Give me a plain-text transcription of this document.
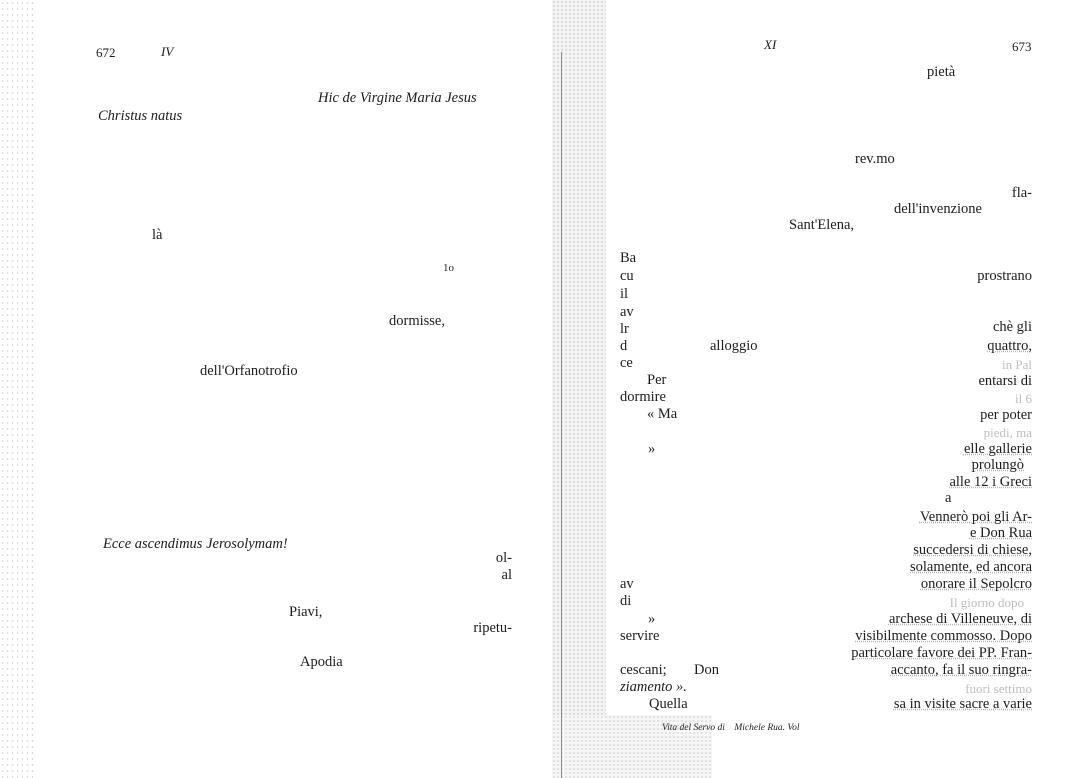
672	IV
Hic de Virgine Maria Jesus
Christus natus
là
1o
dormisse,
dell'Orfanotrofio
Ecce ascendimus Jerosolymam!
ol-
al
Piavi,
ripetu-
Apodia
XI	673
pietà
rev.mo
fla-
dell'invenzione
Sant'Elena,
Ba
cu
il
av
lr
d
ce
prostrano
chè gli
alloggio	quattro,
in Pal
Per	entarsi di
dormire	il 6
« Ma	per poter
piedi, ma
»	elle gallerie
prolungò
alle 12 i Greci
a
Vennerò poi gli Ar-
e Don Rua
succedersi di chiese,
solamente, ed ancora
av	onorare il Sepolcro
di	Il giorno dopo
»	archese di Villeneuve, di
servire	visibilmente commosso. Dopo
particolare favore dei PP. Fran-
cescani; Don	accanto, fa il suo ringra-
ziamento ».	fuori settimo
Quella	sa in visite sacre a varie
Vita del Servo di    Michele Rua. Vol
